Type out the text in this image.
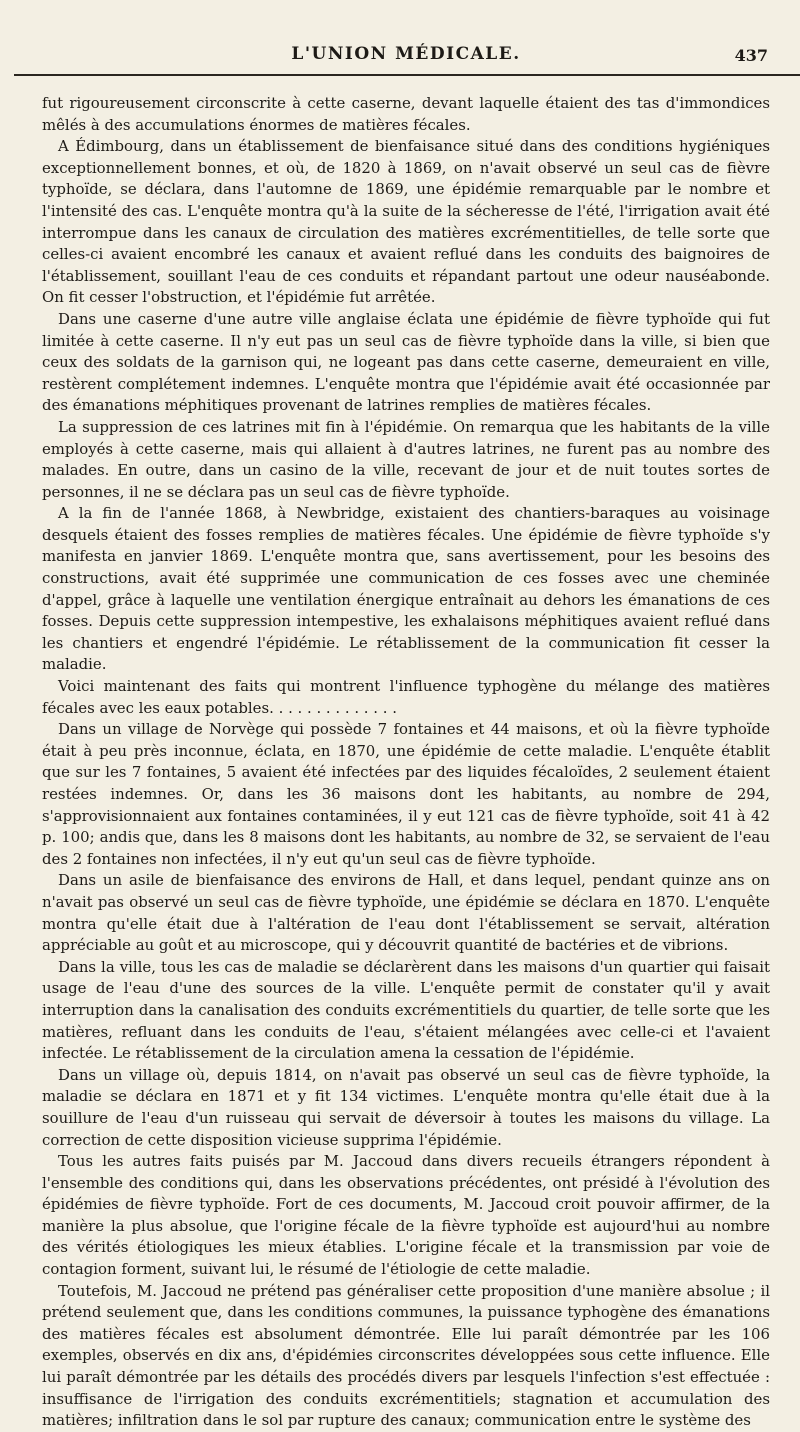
L'UNION MÉDICALE.	437

fut rigoureusement circonscrite à cette caserne, devant laquelle étaient des tas d'immondices mêlés à des accumulations énormes de matières fécales.

A Édimbourg, dans un établissement de bienfaisance situé dans des conditions hygiéniques exceptionnellement bonnes, et où, de 1820 à 1869, on n'avait observé un seul cas de fièvre typhoïde, se déclara, dans l'automne de 1869, une épidémie remarquable par le nombre et l'intensité des cas. L'enquête montra qu'à la suite de la sécheresse de l'été, l'irrigation avait été interrompue dans les canaux de circulation des matières excrémentitielles, de telle sorte que celles-ci avaient encombré les canaux et avaient reflué dans les conduits des baignoires de l'établissement, souillant l'eau de ces conduits et répandant partout une odeur nauséabonde. On fit cesser l'obstruction, et l'épidémie fut arrêtée.

Dans une caserne d'une autre ville anglaise éclata une épidémie de fièvre typhoïde qui fut limitée à cette caserne. Il n'y eut pas un seul cas de fièvre typhoïde dans la ville, si bien que ceux des soldats de la garnison qui, ne logeant pas dans cette caserne, demeuraient en ville, restèrent complétement indemnes. L'enquête montra que l'épidémie avait été occasionnée par des émanations méphitiques provenant de latrines remplies de matières fécales.

La suppression de ces latrines mit fin à l'épidémie. On remarqua que les habitants de la ville employés à cette caserne, mais qui allaient à d'autres latrines, ne furent pas au nombre des malades. En outre, dans un casino de la ville, recevant de jour et de nuit toutes sortes de personnes, il ne se déclara pas un seul cas de fièvre typhoïde.

A la fin de l'année 1868, à Newbridge, existaient des chantiers-baraques au voisinage desquels étaient des fosses remplies de matières fécales. Une épidémie de fièvre typhoïde s'y manifesta en janvier 1869. L'enquête montra que, sans avertissement, pour les besoins des constructions, avait été supprimée une communication de ces fosses avec une cheminée d'appel, grâce à laquelle une ventilation énergique entraînait au dehors les émanations de ces fosses. Depuis cette suppression intempestive, les exhalaisons méphitiques avaient reflué dans les chantiers et engendré l'épidémie. Le rétablissement de la communication fit cesser la maladie.

Voici maintenant des faits qui montrent l'influence typhogène du mélange des matières fécales avec les eaux potables. . . . . . . . . . . . . .

Dans un village de Norvège qui possède 7 fontaines et 44 maisons, et où la fièvre typhoïde était à peu près inconnue, éclata, en 1870, une épidémie de cette maladie. L'enquête établit que sur les 7 fontaines, 5 avaient été infectées par des liquides fécaloïdes, 2 seulement étaient restées indemnes. Or, dans les 36 maisons dont les habitants, au nombre de 294, s'approvisionnaient aux fontaines contaminées, il y eut 121 cas de fièvre typhoïde, soit 41 à 42 p. 100; andis que, dans les 8 maisons dont les habitants, au nombre de 32, se servaient de l'eau des 2 fontaines non infectées, il n'y eut qu'un seul cas de fièvre typhoïde.

Dans un asile de bienfaisance des environs de Hall, et dans lequel, pendant quinze ans on n'avait pas observé un seul cas de fièvre typhoïde, une épidémie se déclara en 1870. L'enquête montra qu'elle était due à l'altération de l'eau dont l'établissement se servait, altération appréciable au goût et au microscope, qui y découvrit quantité de bactéries et de vibrions.

Dans la ville, tous les cas de maladie se déclarèrent dans les maisons d'un quartier qui faisait usage de l'eau d'une des sources de la ville. L'enquête permit de constater qu'il y avait interruption dans la canalisation des conduits excrémentitiels du quartier, de telle sorte que les matières, refluant dans les conduits de l'eau, s'étaient mélangées avec celle-ci et l'avaient infectée. Le rétablissement de la circulation amena la cessation de l'épidémie.

Dans un village où, depuis 1814, on n'avait pas observé un seul cas de fièvre typhoïde, la maladie se déclara en 1871 et y fit 134 victimes. L'enquête montra qu'elle était due à la souillure de l'eau d'un ruisseau qui servait de déversoir à toutes les maisons du village. La correction de cette disposition vicieuse supprima l'épidémie.

Tous les autres faits puisés par M. Jaccoud dans divers recueils étrangers répondent à l'ensemble des conditions qui, dans les observations précédentes, ont présidé à l'évolution des épidémies de fièvre typhoïde. Fort de ces documents, M. Jaccoud croit pouvoir affirmer, de la manière la plus absolue, que l'origine fécale de la fièvre typhoïde est aujourd'hui au nombre des vérités étiologiques les mieux établies. L'origine fécale et la transmission par voie de contagion forment, suivant lui, le résumé de l'étiologie de cette maladie.

Toutefois, M. Jaccoud ne prétend pas généraliser cette proposition d'une manière absolue ; il prétend seulement que, dans les conditions communes, la puissance typhogène des émanations des matières fécales est absolument démontrée. Elle lui paraît démontrée par les 106 exemples, observés en dix ans, d'épidémies circonscrites développées sous cette influence. Elle lui paraît démontrée par les détails des procédés divers par lesquels l'infection s'est effectuée : insuffisance de l'irrigation des conduits excrémentitiels; stagnation et accumulation des matières; infiltration dans le sol par rupture des canaux; communication entre le système des
